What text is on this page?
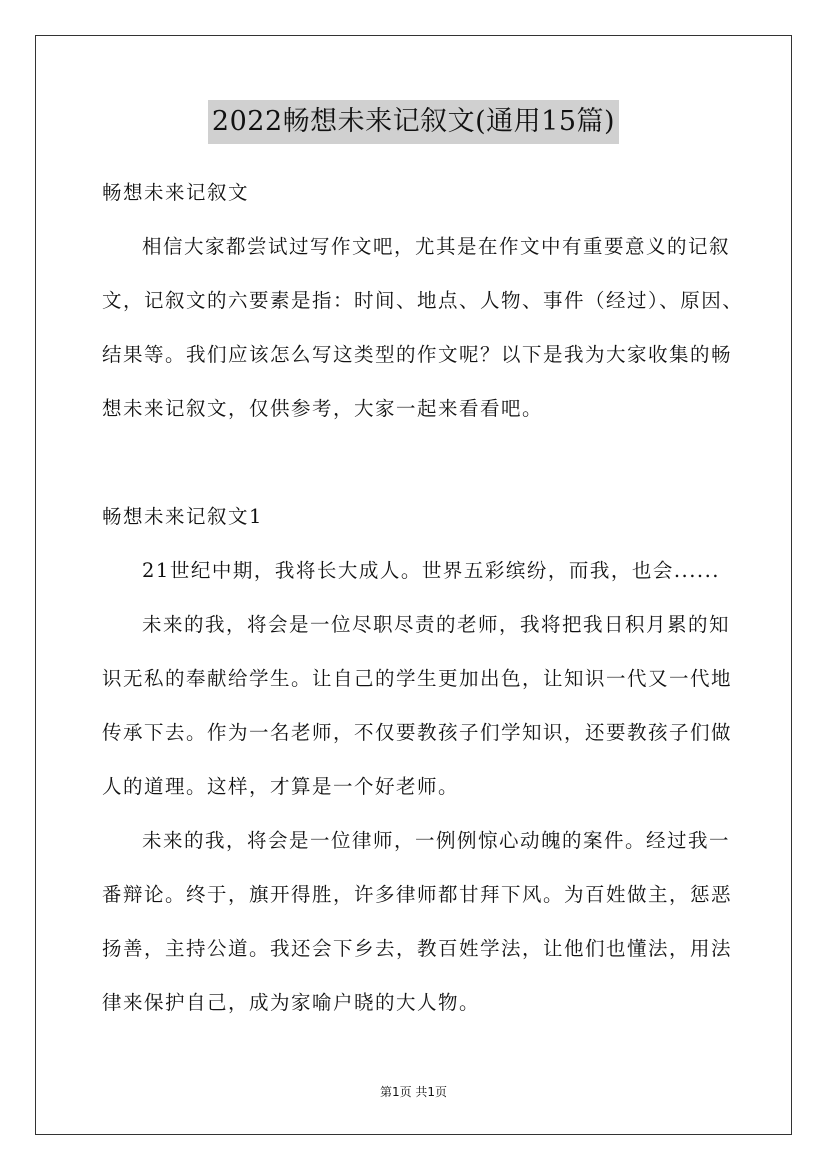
2022畅想未来记叙文(通用15篇)
畅想未来记叙文
相信大家都尝试过写作文吧，尤其是在作文中有重要意义的记叙
文，记叙文的六要素是指：时间、地点、人物、事件（经过）、原因、
结果等。我们应该怎么写这类型的作文呢？以下是我为大家收集的畅
想未来记叙文，仅供参考，大家一起来看看吧。
畅想未来记叙文1
21世纪中期，我将长大成人。世界五彩缤纷，而我，也会......
未来的我，将会是一位尽职尽责的老师，我将把我日积月累的知
识无私的奉献给学生。让自己的学生更加出色，让知识一代又一代地
传承下去。作为一名老师，不仅要教孩子们学知识，还要教孩子们做
人的道理。这样，才算是一个好老师。
未来的我，将会是一位律师，一例例惊心动魄的案件。经过我一
番辩论。终于，旗开得胜，许多律师都甘拜下风。为百姓做主，惩恶
扬善，主持公道。我还会下乡去，教百姓学法，让他们也懂法，用法
律来保护自己，成为家喻户晓的大人物。
第1页 共1页
